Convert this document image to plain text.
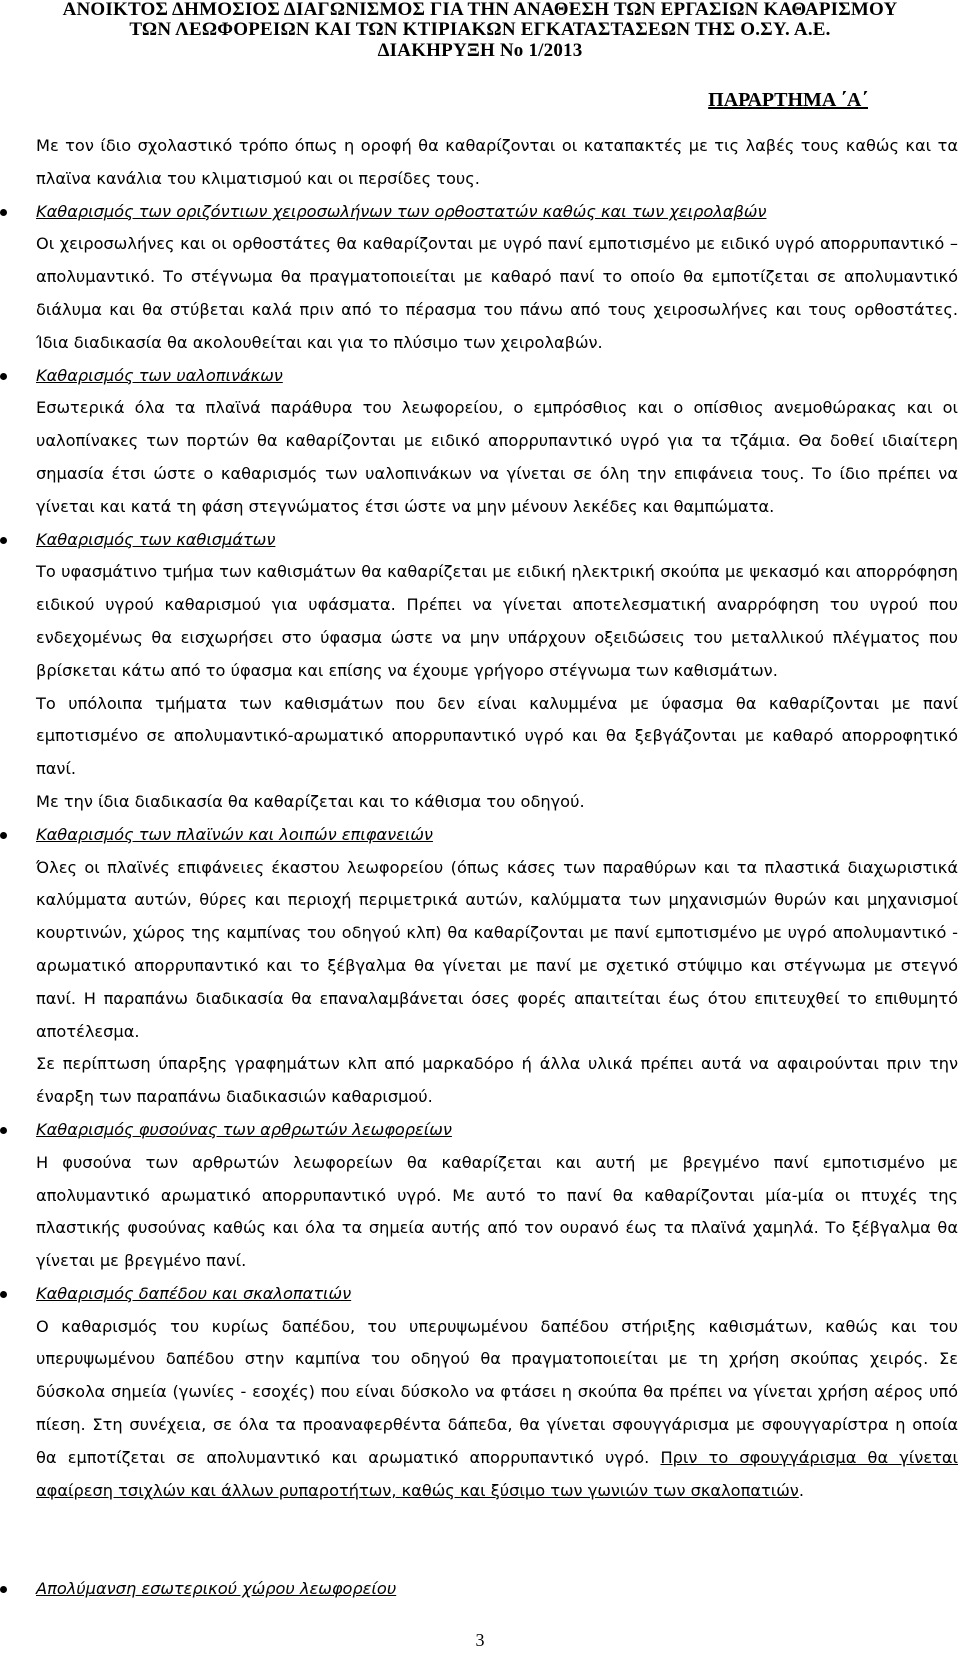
ΑΝΟΙΚΤΟΣ ΔΗΜΟΣΙΟΣ ΔΙΑΓΩΝΙΣΜΟΣ ΓΙΑ ΤΗΝ ΑΝΑΘΕΣΗ ΤΩΝ ΕΡΓΑΣΙΩΝ ΚΑΘΑΡΙΣΜΟΥ
ΤΩΝ ΛΕΩΦΟΡΕΙΩΝ ΚΑΙ ΤΩΝ ΚΤΙΡΙΑΚΩΝ ΕΓΚΑΤΑΣΤΑΣΕΩΝ ΤΗΣ Ο.ΣΥ. Α.Ε.
ΔΙΑΚΗΡΥΞΗ Νο 1/2013
ΠΑΡΑΡΤΗΜΑ ΄Α΄

Με τον ίδιο σχολαστικό τρόπο όπως η οροφή θα καθαρίζονται οι καταπακτές με τις λαβές τους καθώς και τα πλαϊνα κανάλια του κλιματισμού και οι περσίδες τους.

Καθαρισμός των οριζόντιων χειροσωλήνων των ορθοστατών καθώς και των χειρολαβών

Οι χειροσωλήνες και οι ορθοστάτες θα καθαρίζονται με υγρό πανί εμποτισμένο με ειδικό υγρό απορρυπαντικό – απολυμαντικό. Το στέγνωμα θα πραγματοποιείται με καθαρό πανί το οποίο θα εμποτίζεται σε απολυμαντικό διάλυμα και θα στύβεται καλά πριν από το πέρασμα του πάνω από τους χειροσωλήνες και τους ορθοστάτες. Ίδια διαδικασία θα ακολουθείται και για το πλύσιμο των χειρολαβών.

Καθαρισμός των υαλοπινάκων

Εσωτερικά όλα τα πλαϊνά παράθυρα του λεωφορείου, ο εμπρόσθιος και ο οπίσθιος ανεμοθώρακας και οι υαλοπίνακες των πορτών θα καθαρίζονται με ειδικό απορρυπαντικό υγρό για τα τζάμια. Θα δοθεί ιδιαίτερη σημασία έτσι ώστε ο καθαρισμός των υαλοπινάκων να γίνεται σε όλη την επιφάνεια τους. Το ίδιο πρέπει να γίνεται και κατά τη φάση στεγνώματος έτσι ώστε να μην μένουν λεκέδες και θαμπώματα.

Καθαρισμός των καθισμάτων

Το υφασμάτινο τμήμα των καθισμάτων θα καθαρίζεται με ειδική ηλεκτρική σκούπα με ψεκασμό και απορρόφηση ειδικού υγρού καθαρισμού για υφάσματα. Πρέπει να γίνεται αποτελεσματική αναρρόφηση του υγρού που ενδεχομένως θα εισχωρήσει στο ύφασμα ώστε να μην υπάρχουν οξειδώσεις του μεταλλικού πλέγματος που βρίσκεται κάτω από το ύφασμα και επίσης να έχουμε γρήγορο στέγνωμα των καθισμάτων.

Το υπόλοιπα τμήματα των καθισμάτων που δεν είναι καλυμμένα με ύφασμα θα καθαρίζονται με πανί εμποτισμένο σε απολυμαντικό-αρωματικό απορρυπαντικό υγρό και θα ξεβγάζονται με καθαρό απορροφητικό πανί.

Με την ίδια διαδικασία θα καθαρίζεται και το κάθισμα του οδηγού.

Καθαρισμός των πλαϊνών και λοιπών επιφανειών

Όλες οι πλαϊνές επιφάνειες έκαστου λεωφορείου (όπως κάσες των παραθύρων και τα πλαστικά διαχωριστικά καλύμματα αυτών, θύρες και περιοχή περιμετρικά αυτών, καλύμματα των μηχανισμών θυρών και μηχανισμοί κουρτινών, χώρος της καμπίνας του οδηγού κλπ) θα καθαρίζονται με πανί εμποτισμένο με υγρό απολυμαντικό - αρωματικό απορρυπαντικό και το ξέβγαλμα θα γίνεται με πανί με σχετικό στύψιμο και στέγνωμα με στεγνό πανί. Η παραπάνω διαδικασία θα επαναλαμβάνεται όσες φορές απαιτείται έως ότου επιτευχθεί το επιθυμητό αποτέλεσμα.

Σε περίπτωση ύπαρξης γραφημάτων κλπ από μαρκαδόρο ή άλλα υλικά πρέπει αυτά να αφαιρούνται πριν την έναρξη των παραπάνω διαδικασιών καθαρισμού.

Καθαρισμός φυσούνας των αρθρωτών λεωφορείων

Η φυσούνα των αρθρωτών λεωφορείων θα καθαρίζεται και αυτή με βρεγμένο πανί εμποτισμένο με απολυμαντικό αρωματικό απορρυπαντικό υγρό. Με αυτό το πανί θα καθαρίζονται μία-μία οι πτυχές της πλαστικής φυσούνας καθώς και όλα τα σημεία αυτής από τον ουρανό έως τα πλαϊνά χαμηλά. Το ξέβγαλμα θα γίνεται με βρεγμένο πανί.

Καθαρισμός δαπέδου και σκαλοπατιών

Ο καθαρισμός του κυρίως δαπέδου, του υπερυψωμένου δαπέδου στήριξης καθισμάτων, καθώς και του υπερυψωμένου δαπέδου στην καμπίνα του οδηγού θα πραγματοποιείται με τη χρήση σκούπας χειρός. Σε δύσκολα σημεία (γωνίες - εσοχές) που είναι δύσκολο να φτάσει η σκούπα θα πρέπει να γίνεται χρήση αέρος υπό πίεση. Στη συνέχεια, σε όλα τα προαναφερθέντα δάπεδα, θα γίνεται σφουγγάρισμα με σφουγγαρίστρα η οποία θα εμποτίζεται σε απολυμαντικό και αρωματικό απορρυπαντικό υγρό. Πριν το σφουγγάρισμα θα γίνεται αφαίρεση τσιχλών και άλλων ρυπαρoτήτων, καθώς και ξύσιμο των γωνιών των σκαλοπατιών.

Απολύμανση εσωτερικού χώρου λεωφορείου

3
